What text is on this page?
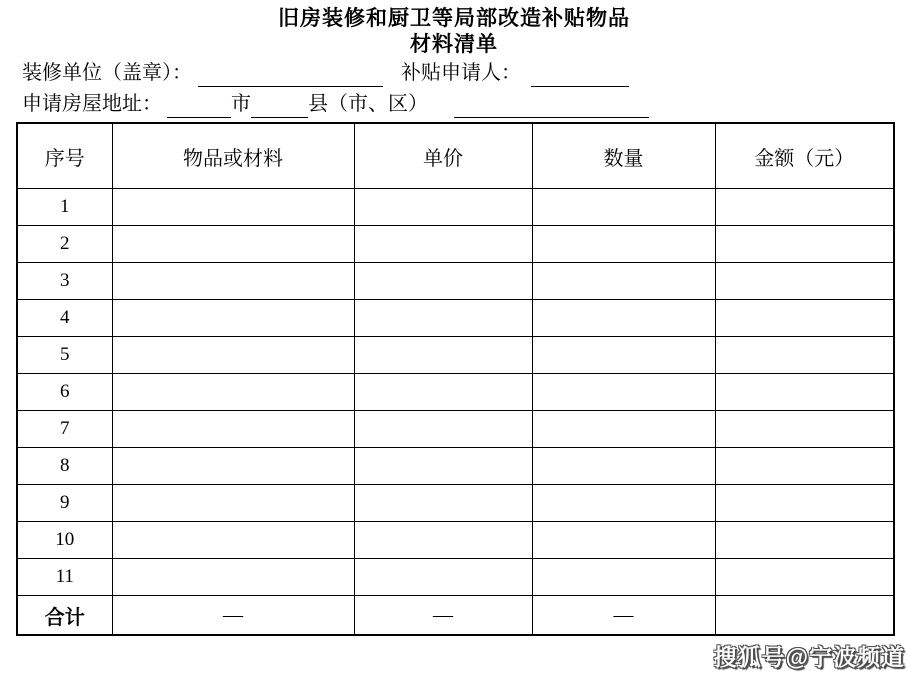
旧房装修和厨卫等局部改造补贴物品
材料清单
装修单位（盖章）：	补贴申请人：
申请房屋地址：	市	县（市、区）
序号	物品或材料	单价	数量	金额（元）
1				
2				
3				
4				
5				
6				
7				
8				
9				
10				
11				
合计	—	—	—	
搜狐号@宁波频道
